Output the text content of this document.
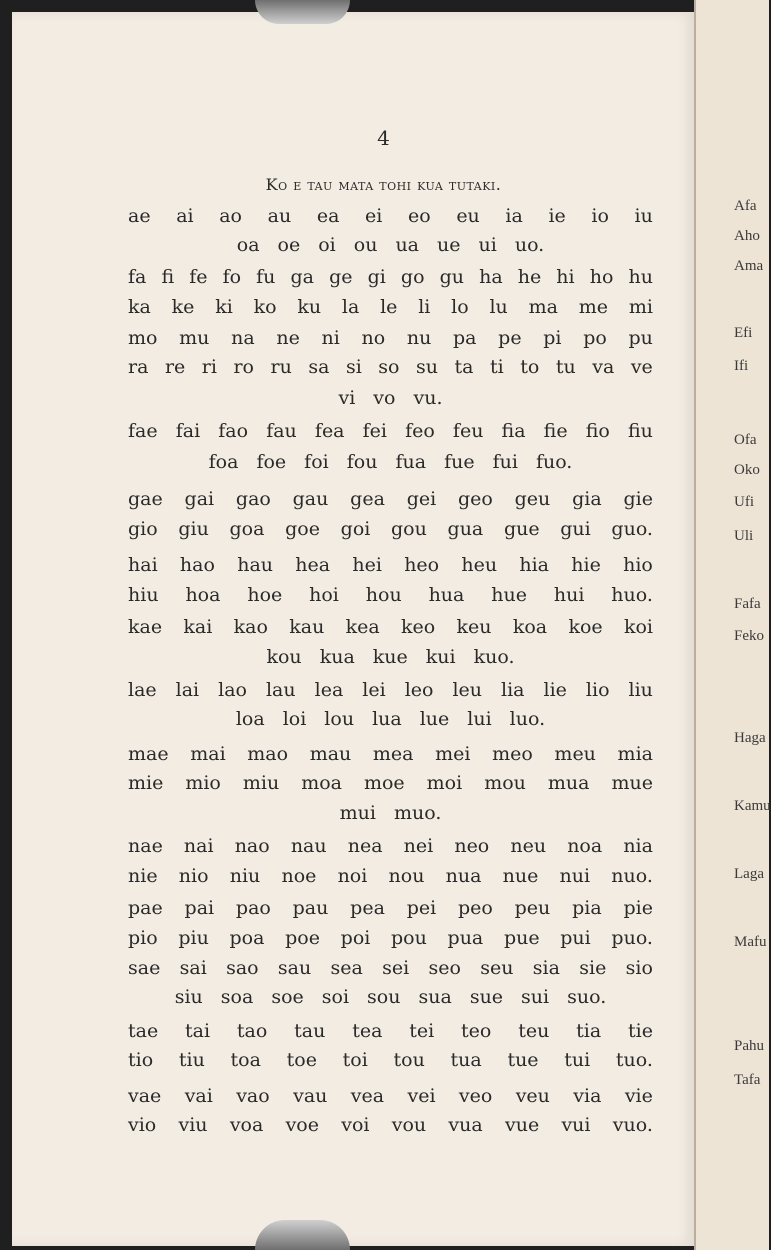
4
Ko e tau mata tohi kua tutaki.
ae ai ao au ea ei eo eu ia ie io iu
oa oe oi ou ua ue ui uo.
fa fi fe fo fu ga ge gi go gu ha he hi ho hu
ka ke ki ko ku la le li lo lu ma me mi
mo mu na ne ni no nu pa pe pi po pu
ra re ri ro ru sa si so su ta ti to tu va ve
vi vo vu.
fae fai fao fau fea fei feo feu fia fie fio fiu
foa foe foi fou fua fue fui fuo.
gae gai gao gau gea gei geo geu gia gie
gio giu goa goe goi gou gua gue gui guo.
hai hao hau hea hei heo heu hia hie hio
hiu hoa hoe hoi hou hua hue hui huo.
kae kai kao kau kea keo keu koa koe koi
kou kua kue kui kuo.
lae lai lao lau lea lei leo leu lia lie lio liu
loa loi lou lua lue lui luo.
mae mai mao mau mea mei meo meu mia
mie mio miu moa moe moi mou mua mue
mui muo.
nae nai nao nau nea nei neo neu noa nia
nie nio niu noe noi nou nua nue nui nuo.
pae pai pao pau pea pei peo peu pia pie
pio piu poa poe poi pou pua pue pui puo.
sae sai sao sau sea sei seo seu sia sie sio
siu soa soe soi sou sua sue sui suo.
tae tai tao tau tea tei teo teu tia tie
tio tiu toa toe toi tou tua tue tui tuo.
vae vai vao vau vea vei veo veu via vie
vio viu voa voe voi vou vua vue vui vuo.
Afa
Aho
Ama
Efi
Ifi
Ofa
Oko
Ufi
Uli
Fafa
Feko
Haga
Kamu
Laga
Mafu
Pahu
Tafa
